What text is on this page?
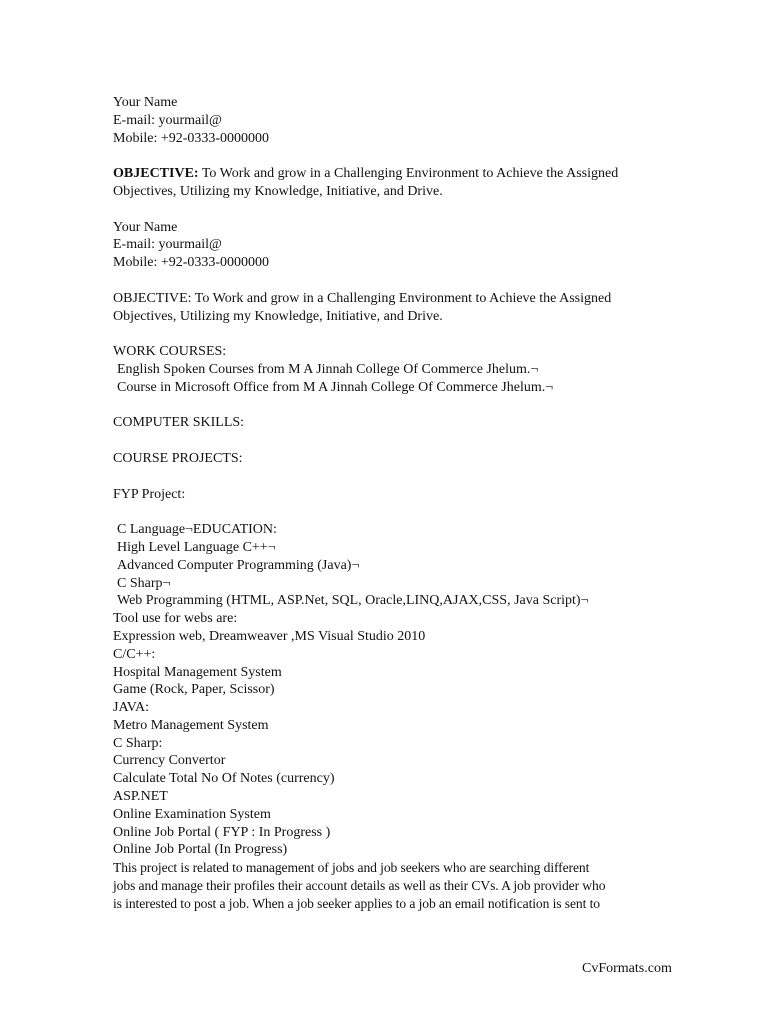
Your Name
E-mail: yourmail@
Mobile: +92-0333-0000000
OBJECTIVE: To Work and grow in a Challenging Environment to Achieve the Assigned
Objectives, Utilizing my Knowledge, Initiative, and Drive.
Your Name
E-mail: yourmail@
Mobile: +92-0333-0000000
OBJECTIVE: To Work and grow in a Challenging Environment to Achieve the Assigned
Objectives, Utilizing my Knowledge, Initiative, and Drive.
WORK COURSES:
English Spoken Courses from M A Jinnah College Of Commerce Jhelum.¬
Course in Microsoft Office from M A Jinnah College Of Commerce Jhelum.¬
COMPUTER SKILLS:
COURSE PROJECTS:
FYP Project:
C Language¬EDUCATION:
High Level Language C++¬
Advanced Computer Programming (Java)¬
C Sharp¬
Web Programming (HTML, ASP.Net, SQL, Oracle,LINQ,AJAX,CSS, Java Script)¬
Tool use for webs are:
Expression web, Dreamweaver ,MS Visual Studio 2010
C/C++:
Hospital Management System
Game (Rock, Paper, Scissor)
JAVA:
Metro Management System
C Sharp:
Currency Convertor
Calculate Total No Of Notes (currency)
ASP.NET
Online Examination System
Online Job Portal ( FYP : In Progress )
Online Job Portal (In Progress)
This project is related to management of jobs and job seekers who are searching different
jobs and manage their profiles their account details as well as their CVs. A job provider who
is interested to post a job. When a job seeker applies to a job an email notification is sent to
CvFormats.com
